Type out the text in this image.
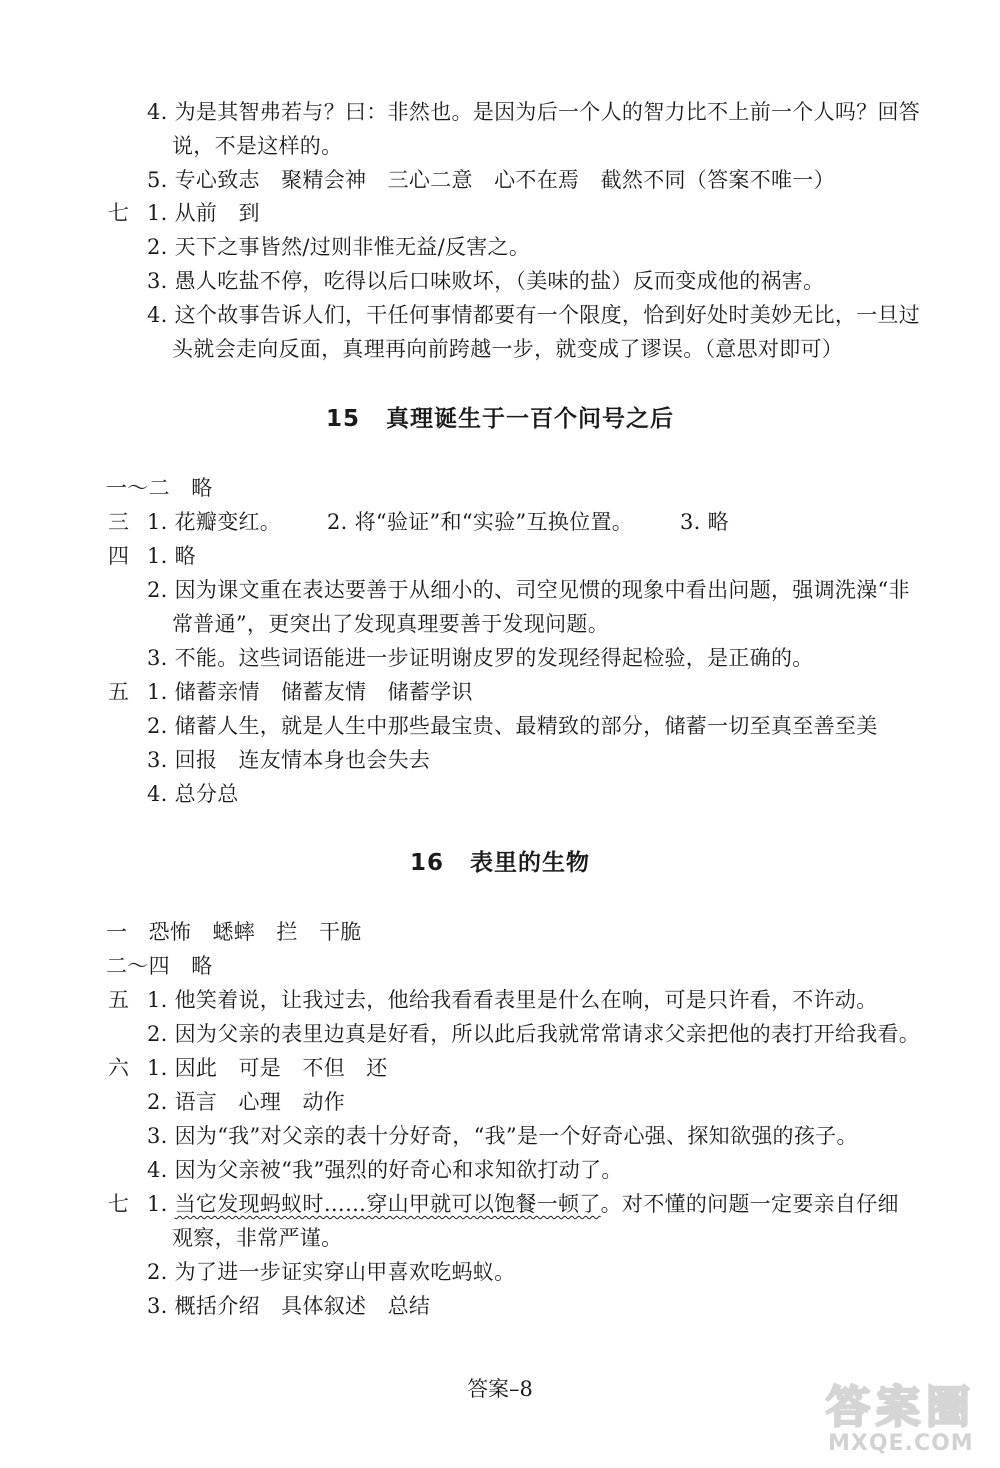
4. 为是其智弗若与？曰：非然也。是因为后一个人的智力比不上前一个人吗？回答
说，不是这样的。
5. 专心致志　聚精会神　三心二意　心不在焉　截然不同（答案不唯一）
七 1. 从前　到
2. 天下之事皆然/过则非惟无益/反害之。
3. 愚人吃盐不停，吃得以后口味败坏，（美味的盐）反而变成他的祸害。
4. 这个故事告诉人们，干任何事情都要有一个限度，恰到好处时美妙无比，一旦过
头就会走向反面，真理再向前跨越一步，就变成了谬误。（意思对即可）
15 真理诞生于一百个问号之后
一～二　略
三 1. 花瓣变红。 2. 将“验证”和“实验”互换位置。 3. 略
四 1. 略
2. 因为课文重在表达要善于从细小的、司空见惯的现象中看出问题，强调洗澡“非
常普通”，更突出了发现真理要善于发现问题。
3. 不能。这些词语能进一步证明谢皮罗的发现经得起检验，是正确的。
五 1. 储蓄亲情　储蓄友情　储蓄学识
2. 储蓄人生，就是人生中那些最宝贵、最精致的部分，储蓄一切至真至善至美
3. 回报　连友情本身也会失去
4. 总分总
16 表里的生物
一　恐怖　蟋蟀　拦　干脆
二～四　略
五 1. 他笑着说，让我过去，他给我看看表里是什么在响，可是只许看，不许动。
2. 因为父亲的表里边真是好看，所以此后我就常常请求父亲把他的表打开给我看。
六 1. 因此　可是　不但　还
2. 语言　心理　动作
3. 因为“我”对父亲的表十分好奇，“我”是一个好奇心强、探知欲强的孩子。
4. 因为父亲被“我”强烈的好奇心和求知欲打动了。
七 1. 当它发现蚂蚁时……穿山甲就可以饱餐一顿了。对不懂的问题一定要亲自仔细
观察，非常严谨。
2. 为了进一步证实穿山甲喜欢吃蚂蚁。
3. 概括介绍　具体叙述　总结
答案–8	答 案 圈
MXQE.COM
